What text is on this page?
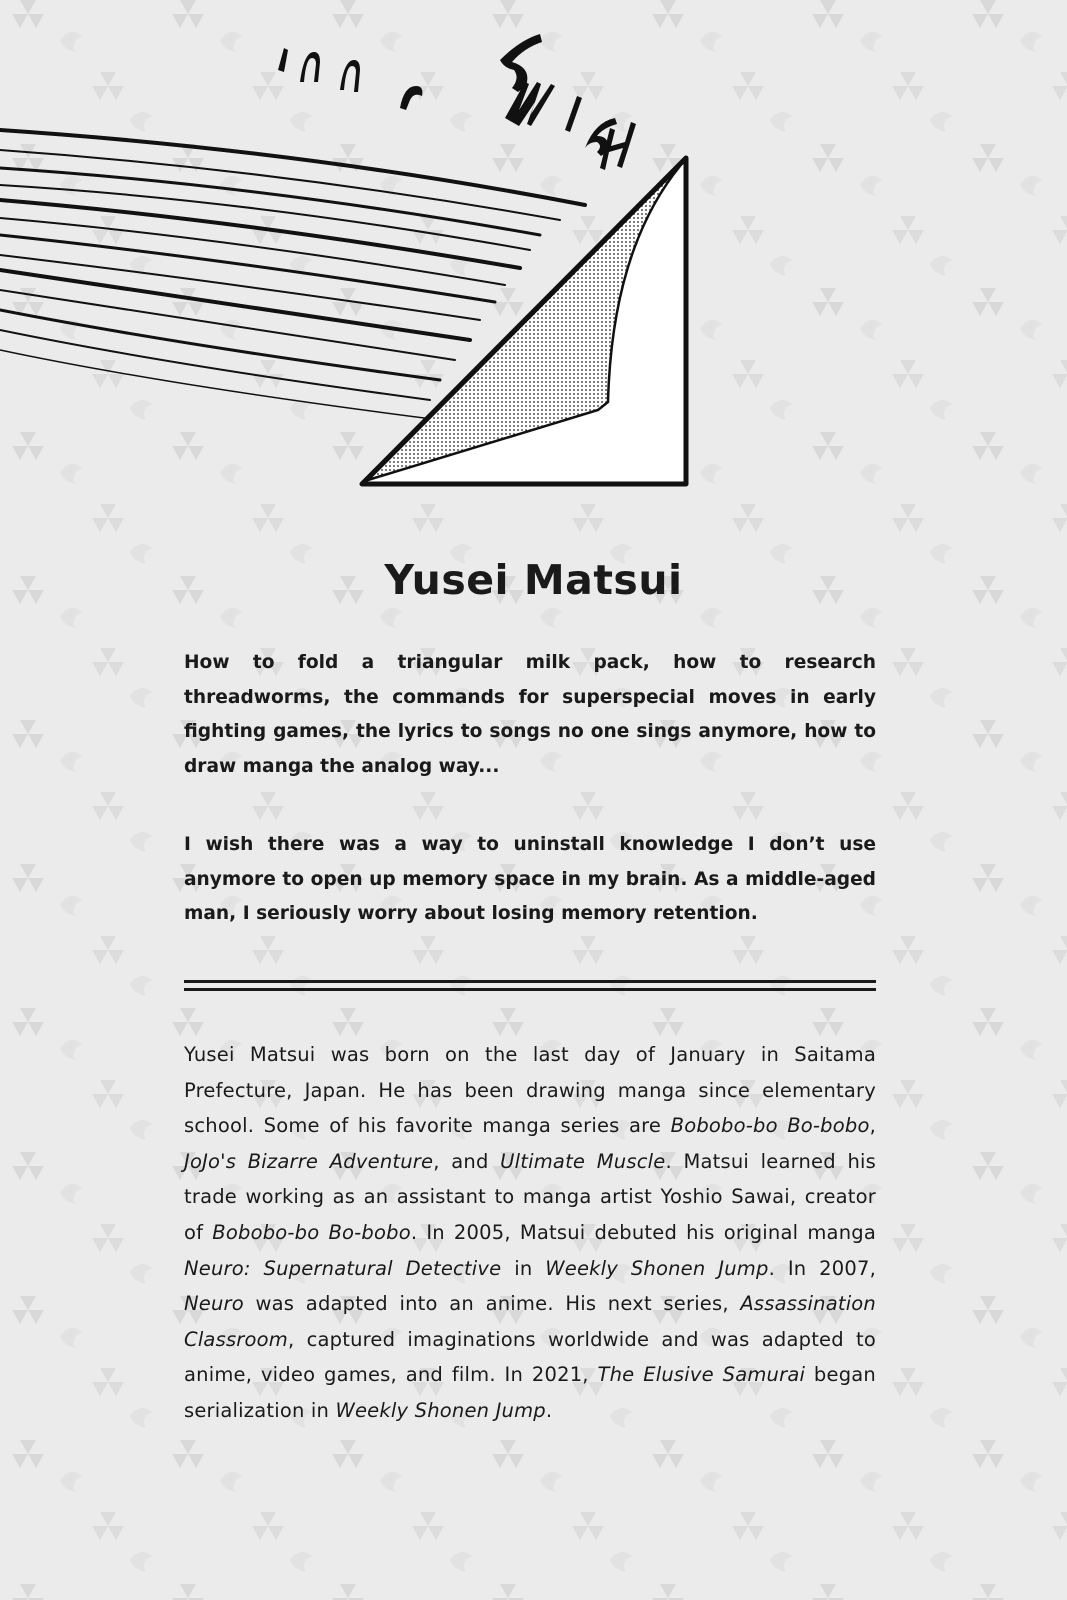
Yusei Matsui

How to fold a triangular milk pack, how to research threadworms, the commands for superspecial moves in early fighting games, the lyrics to songs no one sings anymore, how to draw manga the analog way...

I wish there was a way to uninstall knowledge I don’t use anymore to open up memory space in my brain. As a middle-aged man, I seriously worry about losing memory retention.

Yusei Matsui was born on the last day of January in Saitama Prefecture, Japan. He has been drawing manga since elementary school. Some of his favorite manga series are Bobobo-bo Bo-bobo, JoJo's Bizarre Adventure, and Ultimate Muscle. Matsui learned his trade working as an assistant to manga artist Yoshio Sawai, creator of Bobobo-bo Bo-bobo. In 2005, Matsui debuted his original manga Neuro: Supernatural Detective in Weekly Shonen Jump. In 2007, Neuro was adapted into an anime. His next series, Assassination Classroom, captured imaginations worldwide and was adapted to anime, video games, and film. In 2021, The Elusive Samurai began serialization in Weekly Shonen Jump.
